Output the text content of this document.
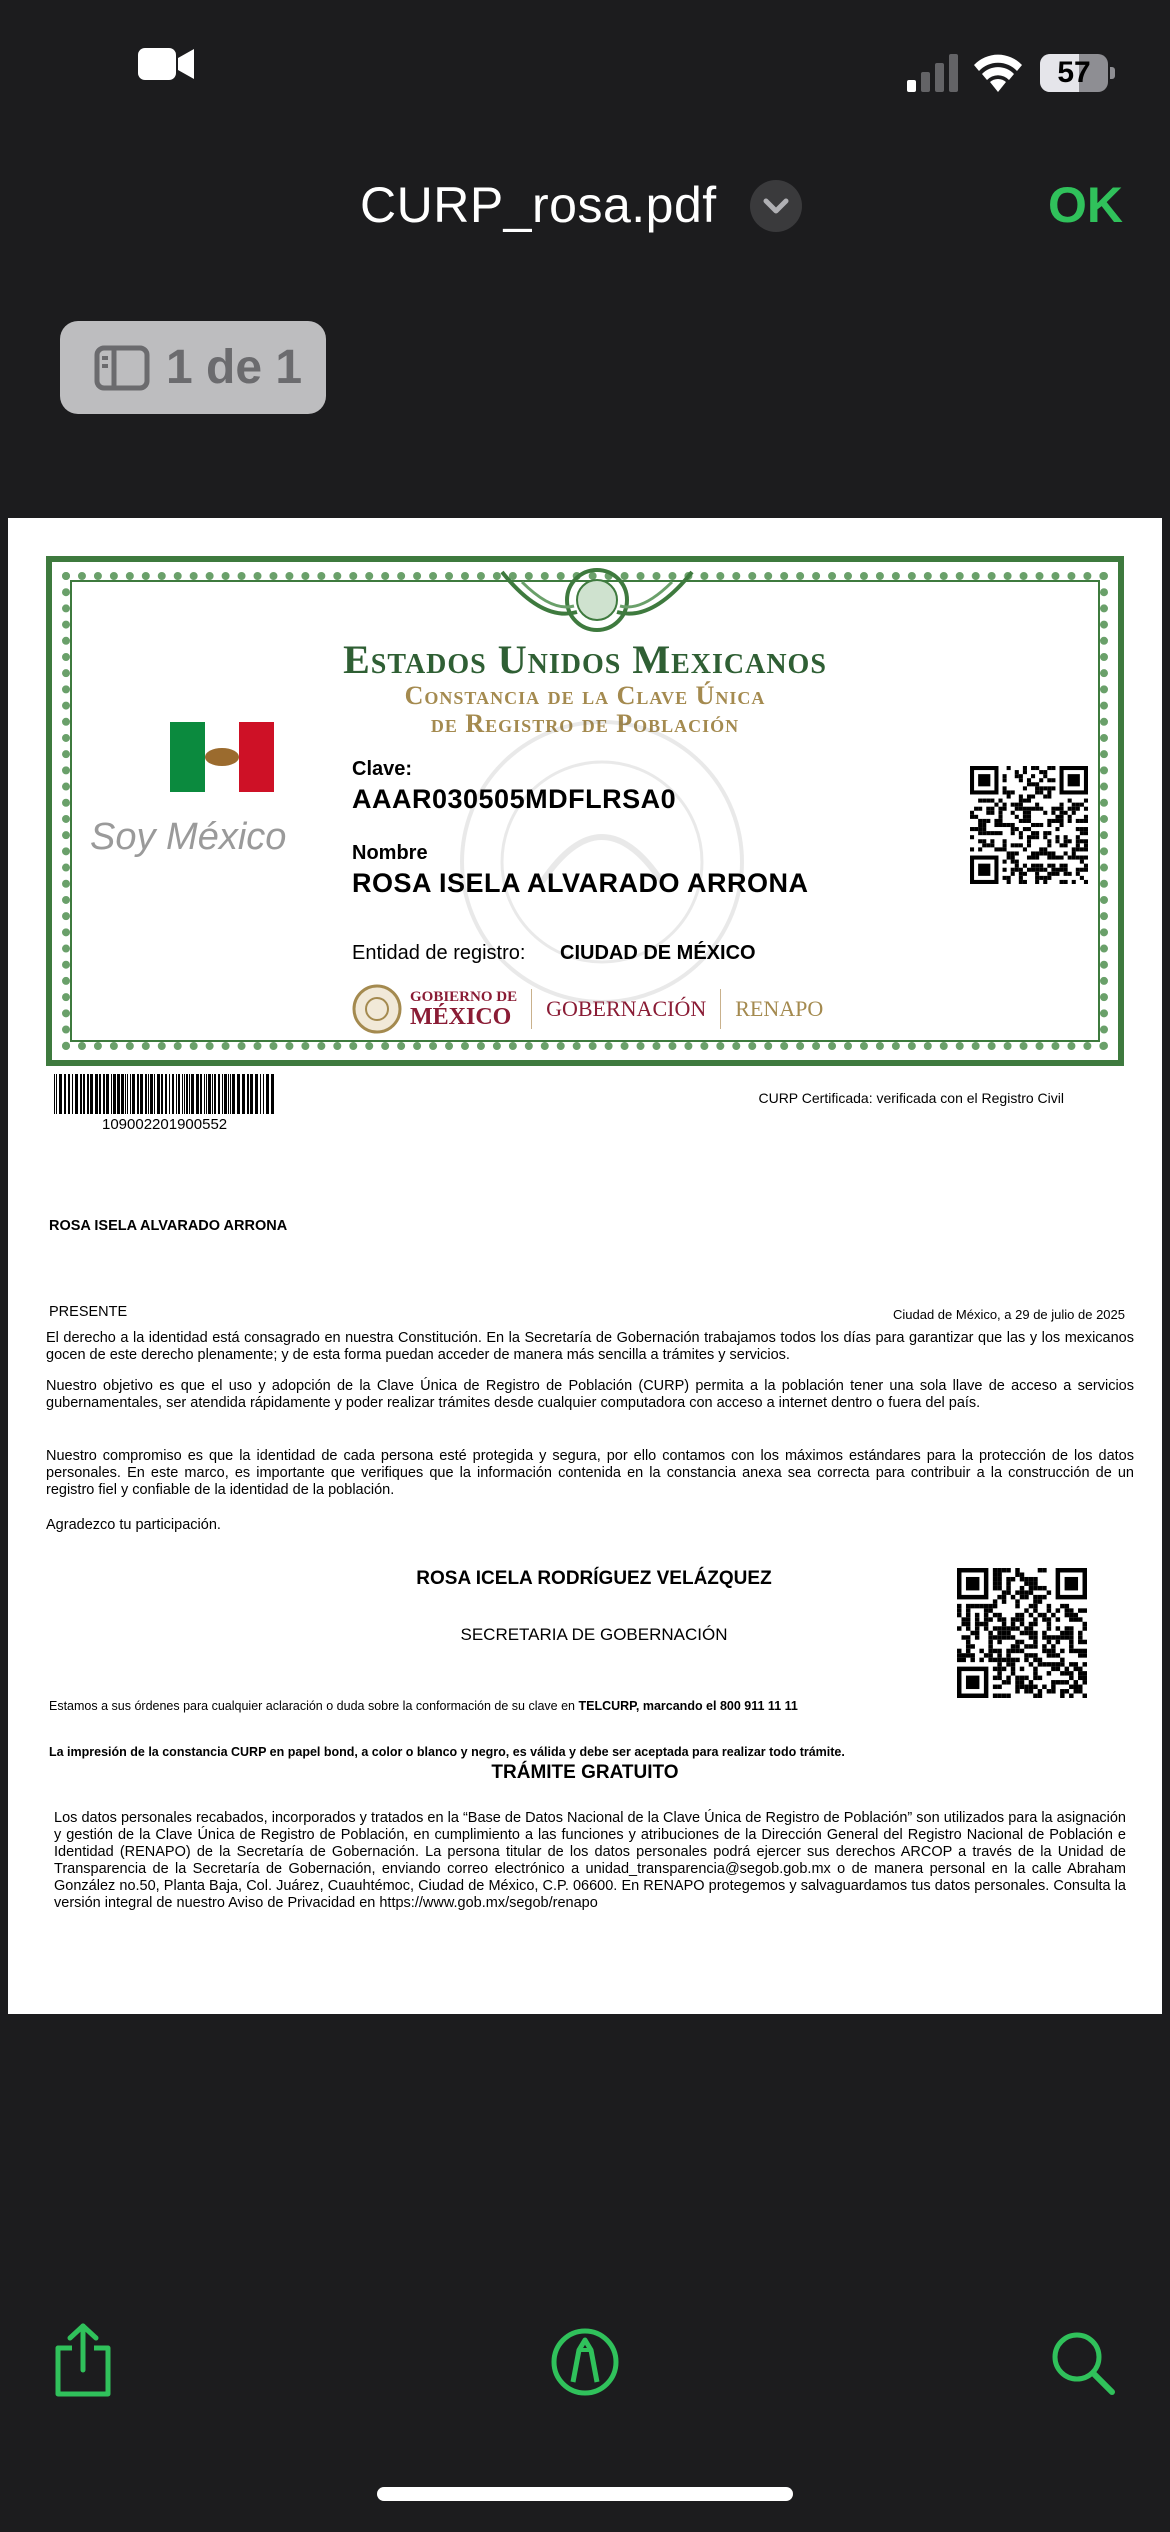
57
CURP_rosa.pdf	OK
1 de 1
Estados Unidos Mexicanos
Constancia de la Clave Única
de Registro de Población
Soy México
Clave:
AAAR030505MDFLRSA0
Nombre
ROSA ISELA ALVARADO ARRONA
Entidad de registro: CIUDAD DE MÉXICO
GOBIERNO DE
MÉXICO GOBERNACIÓN RENAPO
109002201900552
CURP Certificada: verificada con el Registro Civil
ROSA ISELA ALVARADO ARRONA
PRESENTE	Ciudad de México, a 29 de julio de 2025
El derecho a la identidad está consagrado en nuestra Constitución. En la Secretaría de Gobernación trabajamos todos los días para garantizar que las y los mexicanos gocen de este derecho plenamente; y de esta forma puedan acceder de manera más sencilla a trámites y servicios.
Nuestro objetivo es que el uso y adopción de la Clave Única de Registro de Población (CURP) permita a la población tener una sola llave de acceso a servicios gubernamentales, ser atendida rápidamente y poder realizar trámites desde cualquier computadora con acceso a internet dentro o fuera del país.
Nuestro compromiso es que la identidad de cada persona esté protegida y segura, por ello contamos con los máximos estándares para la protección de los datos personales. En este marco, es importante que verifiques que la información contenida en la constancia anexa sea correcta para contribuir a la construcción de un registro fiel y confiable de la identidad de la población.
Agradezco tu participación.
ROSA ICELA RODRÍGUEZ VELÁZQUEZ
SECRETARIA DE GOBERNACIÓN
Estamos a sus órdenes para cualquier aclaración o duda sobre la conformación de su clave en TELCURP, marcando el 800 911 11 11
La impresión de la constancia CURP en papel bond, a color o blanco y negro, es válida y debe ser aceptada para realizar todo trámite.
TRÁMITE GRATUITO
Los datos personales recabados, incorporados y tratados en la “Base de Datos Nacional de la Clave Única de Registro de Población” son utilizados para la asignación y gestión de la Clave Única de Registro de Población, en cumplimiento a las funciones y atribuciones de la Dirección General del Registro Nacional de Población e Identidad (RENAPO) de la Secretaría de Gobernación. La persona titular de los datos personales podrá ejercer sus derechos ARCOP a través de la Unidad de Transparencia de la Secretaría de Gobernación, enviando correo electrónico a unidad_transparencia@segob.gob.mx o de manera personal en la calle Abraham González no.50, Planta Baja, Col. Juárez, Cuauhtémoc, Ciudad de México, C.P. 06600. En RENAPO protegemos y salvaguardamos tus datos personales. Consulta la versión integral de nuestro Aviso de Privacidad en https://www.gob.mx/segob/renapo
